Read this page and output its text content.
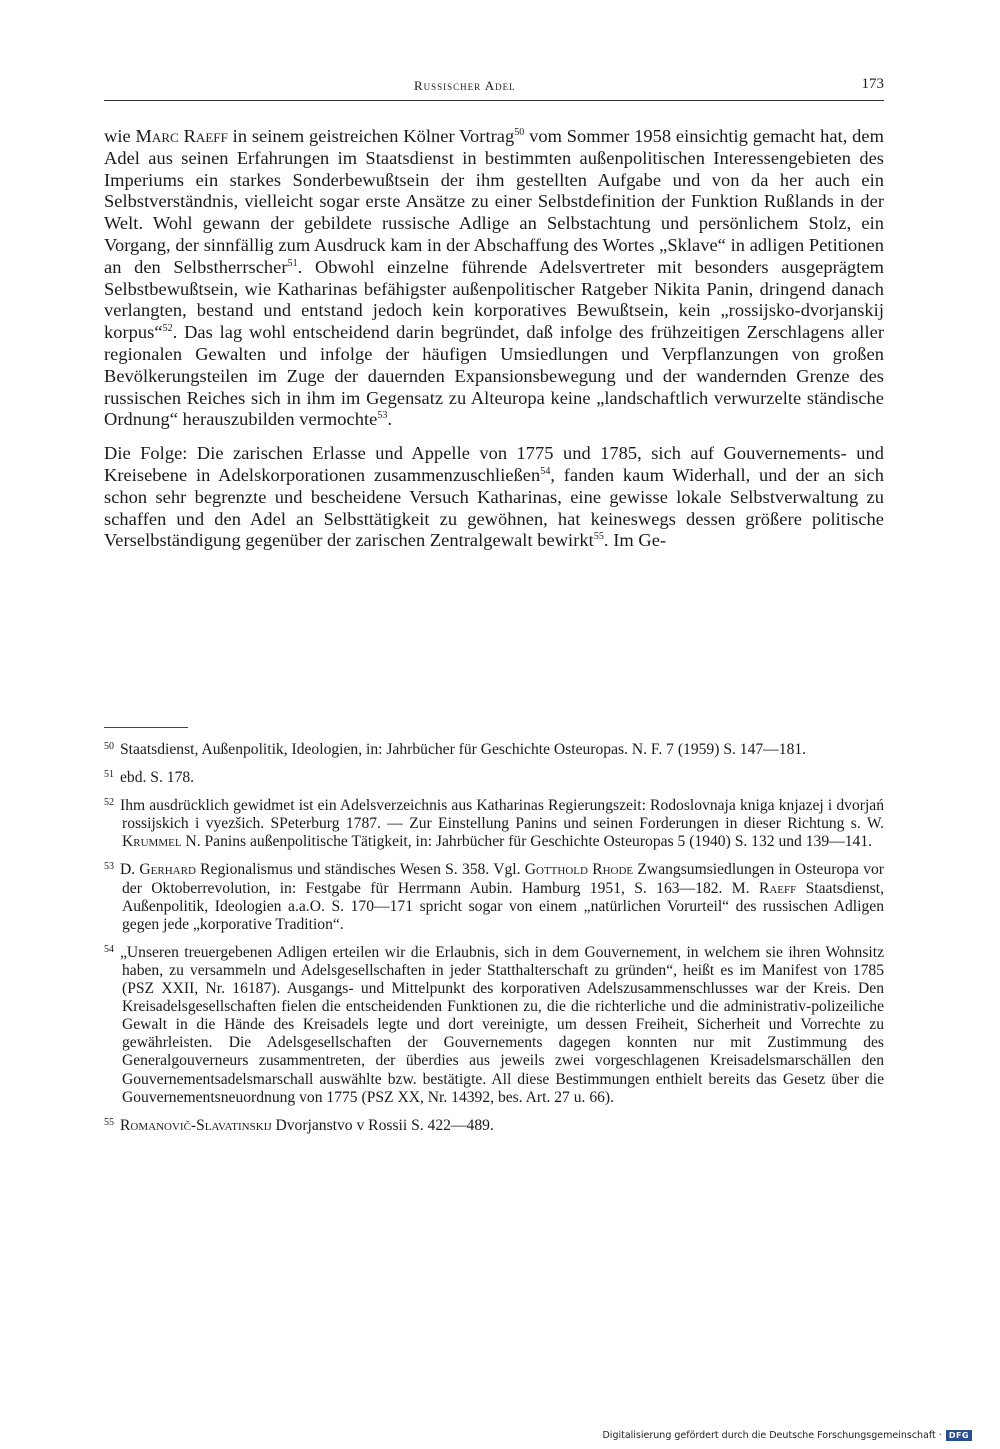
Russischer Adel	173

wie Marc Raeff in seinem geistreichen Kölner Vortrag$^{50}$ vom Sommer 1958 einsichtig gemacht hat, dem Adel aus seinen Erfahrungen im Staatsdienst in bestimmten außenpolitischen Interessengebieten des Imperiums ein starkes Sonderbewußtsein der ihm gestellten Aufgabe und von da her auch ein Selbstverständnis, vielleicht sogar erste Ansätze zu einer Selbstdefinition der Funktion Rußlands in der Welt. Wohl gewann der gebildete russische Adlige an Selbstachtung und persönlichem Stolz, ein Vorgang, der sinnfällig zum Ausdruck kam in der Abschaffung des Wortes „Sklave“ in adligen Petitionen an den Selbstherrscher$^{51}$. Obwohl einzelne führende Adelsvertreter mit besonders ausgeprägtem Selbstbewußtsein, wie Katharinas befähigster außenpolitischer Ratgeber Nikita Panin, dringend danach verlangten, bestand und entstand jedoch kein korporatives Bewußtsein, kein „rossijsko-dvorjanskij korpus“$^{52}$. Das lag wohl entscheidend darin begründet, daß infolge des frühzeitigen Zerschlagens aller regionalen Gewalten und infolge der häufigen Umsiedlungen und Verpflanzungen von großen Bevölkerungsteilen im Zuge der dauernden Expansionsbewegung und der wandernden Grenze des russischen Reiches sich in ihm im Gegensatz zu Alteuropa keine „landschaftlich verwurzelte ständische Ordnung“ herauszubilden vermochte$^{53}$.

Die Folge: Die zarischen Erlasse und Appelle von 1775 und 1785, sich auf Gouvernements- und Kreisebene in Adelskorporationen zusammenzuschließen$^{54}$, fanden kaum Widerhall, und der an sich schon sehr begrenzte und bescheidene Versuch Katharinas, eine gewisse lokale Selbstverwaltung zu schaffen und den Adel an Selbsttätigkeit zu gewöhnen, hat keineswegs dessen größere politische Verselbständigung gegenüber der zarischen Zentralgewalt bewirkt$^{55}$. Im Ge-

$^{50}$ Staatsdienst, Außenpolitik, Ideologien, in: Jahrbücher für Geschichte Osteuropas. N. F. 7 (1959) S. 147—181.

$^{51}$ ebd. S. 178.

$^{52}$ Ihm ausdrücklich gewidmet ist ein Adelsverzeichnis aus Katharinas Regierungszeit: Rodoslovnaja kniga knjazej i dvorjań rossijskich i vyezšich. SPeterburg 1787. — Zur Einstellung Panins und seinen Forderungen in dieser Richtung s. W. Krummel N. Panins außenpolitische Tätigkeit, in: Jahrbücher für Geschichte Osteuropas 5 (1940) S. 132 und 139—141.

$^{53}$ D. Gerhard Regionalismus und ständisches Wesen S. 358. Vgl. Gotthold Rhode Zwangsumsiedlungen in Osteuropa vor der Oktoberrevolution, in: Festgabe für Herrmann Aubin. Hamburg 1951, S. 163—182. M. Raeff Staatsdienst, Außenpolitik, Ideologien a.a.O. S. 170—171 spricht sogar von einem „natürlichen Vorurteil“ des russischen Adligen gegen jede „korporative Tradition“.

$^{54}$ „Unseren treuergebenen Adligen erteilen wir die Erlaubnis, sich in dem Gouvernement, in welchem sie ihren Wohnsitz haben, zu versammeln und Adelsgesellschaften in jeder Statthalterschaft zu gründen“, heißt es im Manifest von 1785 (PSZ XXII, Nr. 16187). Ausgangs- und Mittelpunkt des korporativen Adelszusammenschlusses war der Kreis. Den Kreisadelsgesellschaften fielen die entscheidenden Funktionen zu, die die richterliche und die administrativ-polizeiliche Gewalt in die Hände des Kreisadels legte und dort vereinigte, um dessen Freiheit, Sicherheit und Vorrechte zu gewährleisten. Die Adelsgesellschaften der Gouvernements dagegen konnten nur mit Zustimmung des Generalgouverneurs zusammentreten, der überdies aus jeweils zwei vorgeschlagenen Kreisadelsmarschällen den Gouvernementsadelsmarschall auswählte bzw. bestätigte. All diese Bestimmungen enthielt bereits das Gesetz über die Gouvernementsneuordnung von 1775 (PSZ XX, Nr. 14392, bes. Art. 27 u. 66).

$^{55}$ Romanovič-Slavatinskij Dvorjanstvo v Rossii S. 422—489.

Digitalisierung gefördert durch die Deutsche Forschungsgemeinschaft · DFG
